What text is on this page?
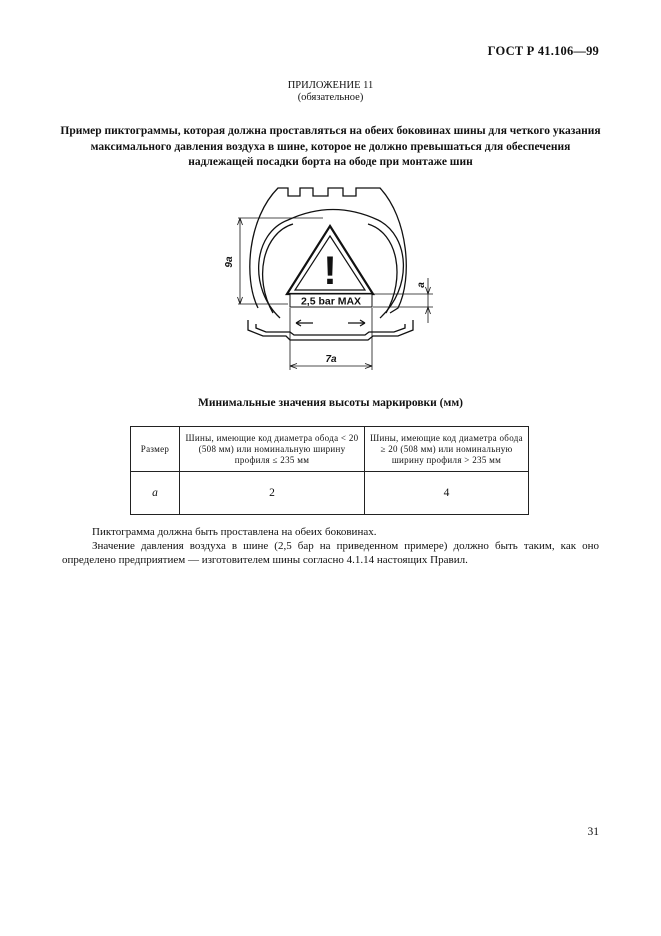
ГОСТ Р 41.106—99
ПРИЛОЖЕНИЕ 11
(обязательное)
Пример пиктограммы, которая должна проставляться на обеих боковинах шины для четкого указания максимального давления воздуха в шине, которое не должно превышаться для обеспечения надлежащей посадки борта на ободе при монтаже шин
!
2,5 bar MAX
9a
7a
a
Минимальные значения высоты маркировки (мм)
Размер	Шины, имеющие код диаметра обода < 20 (508 мм) или номинальную ширину профиля ≤ 235 мм	Шины, имеющие код диаметра обода ≥ 20 (508 мм) или номинальную ширину профиля > 235 мм
a	2	4
Пиктограмма должна быть проставлена на обеих боковинах.
Значение давления воздуха в шине (2,5 бар на приведенном примере) должно быть таким, как оно определено предприятием — изготовителем шины согласно 4.1.14 настоящих Правил.
31
